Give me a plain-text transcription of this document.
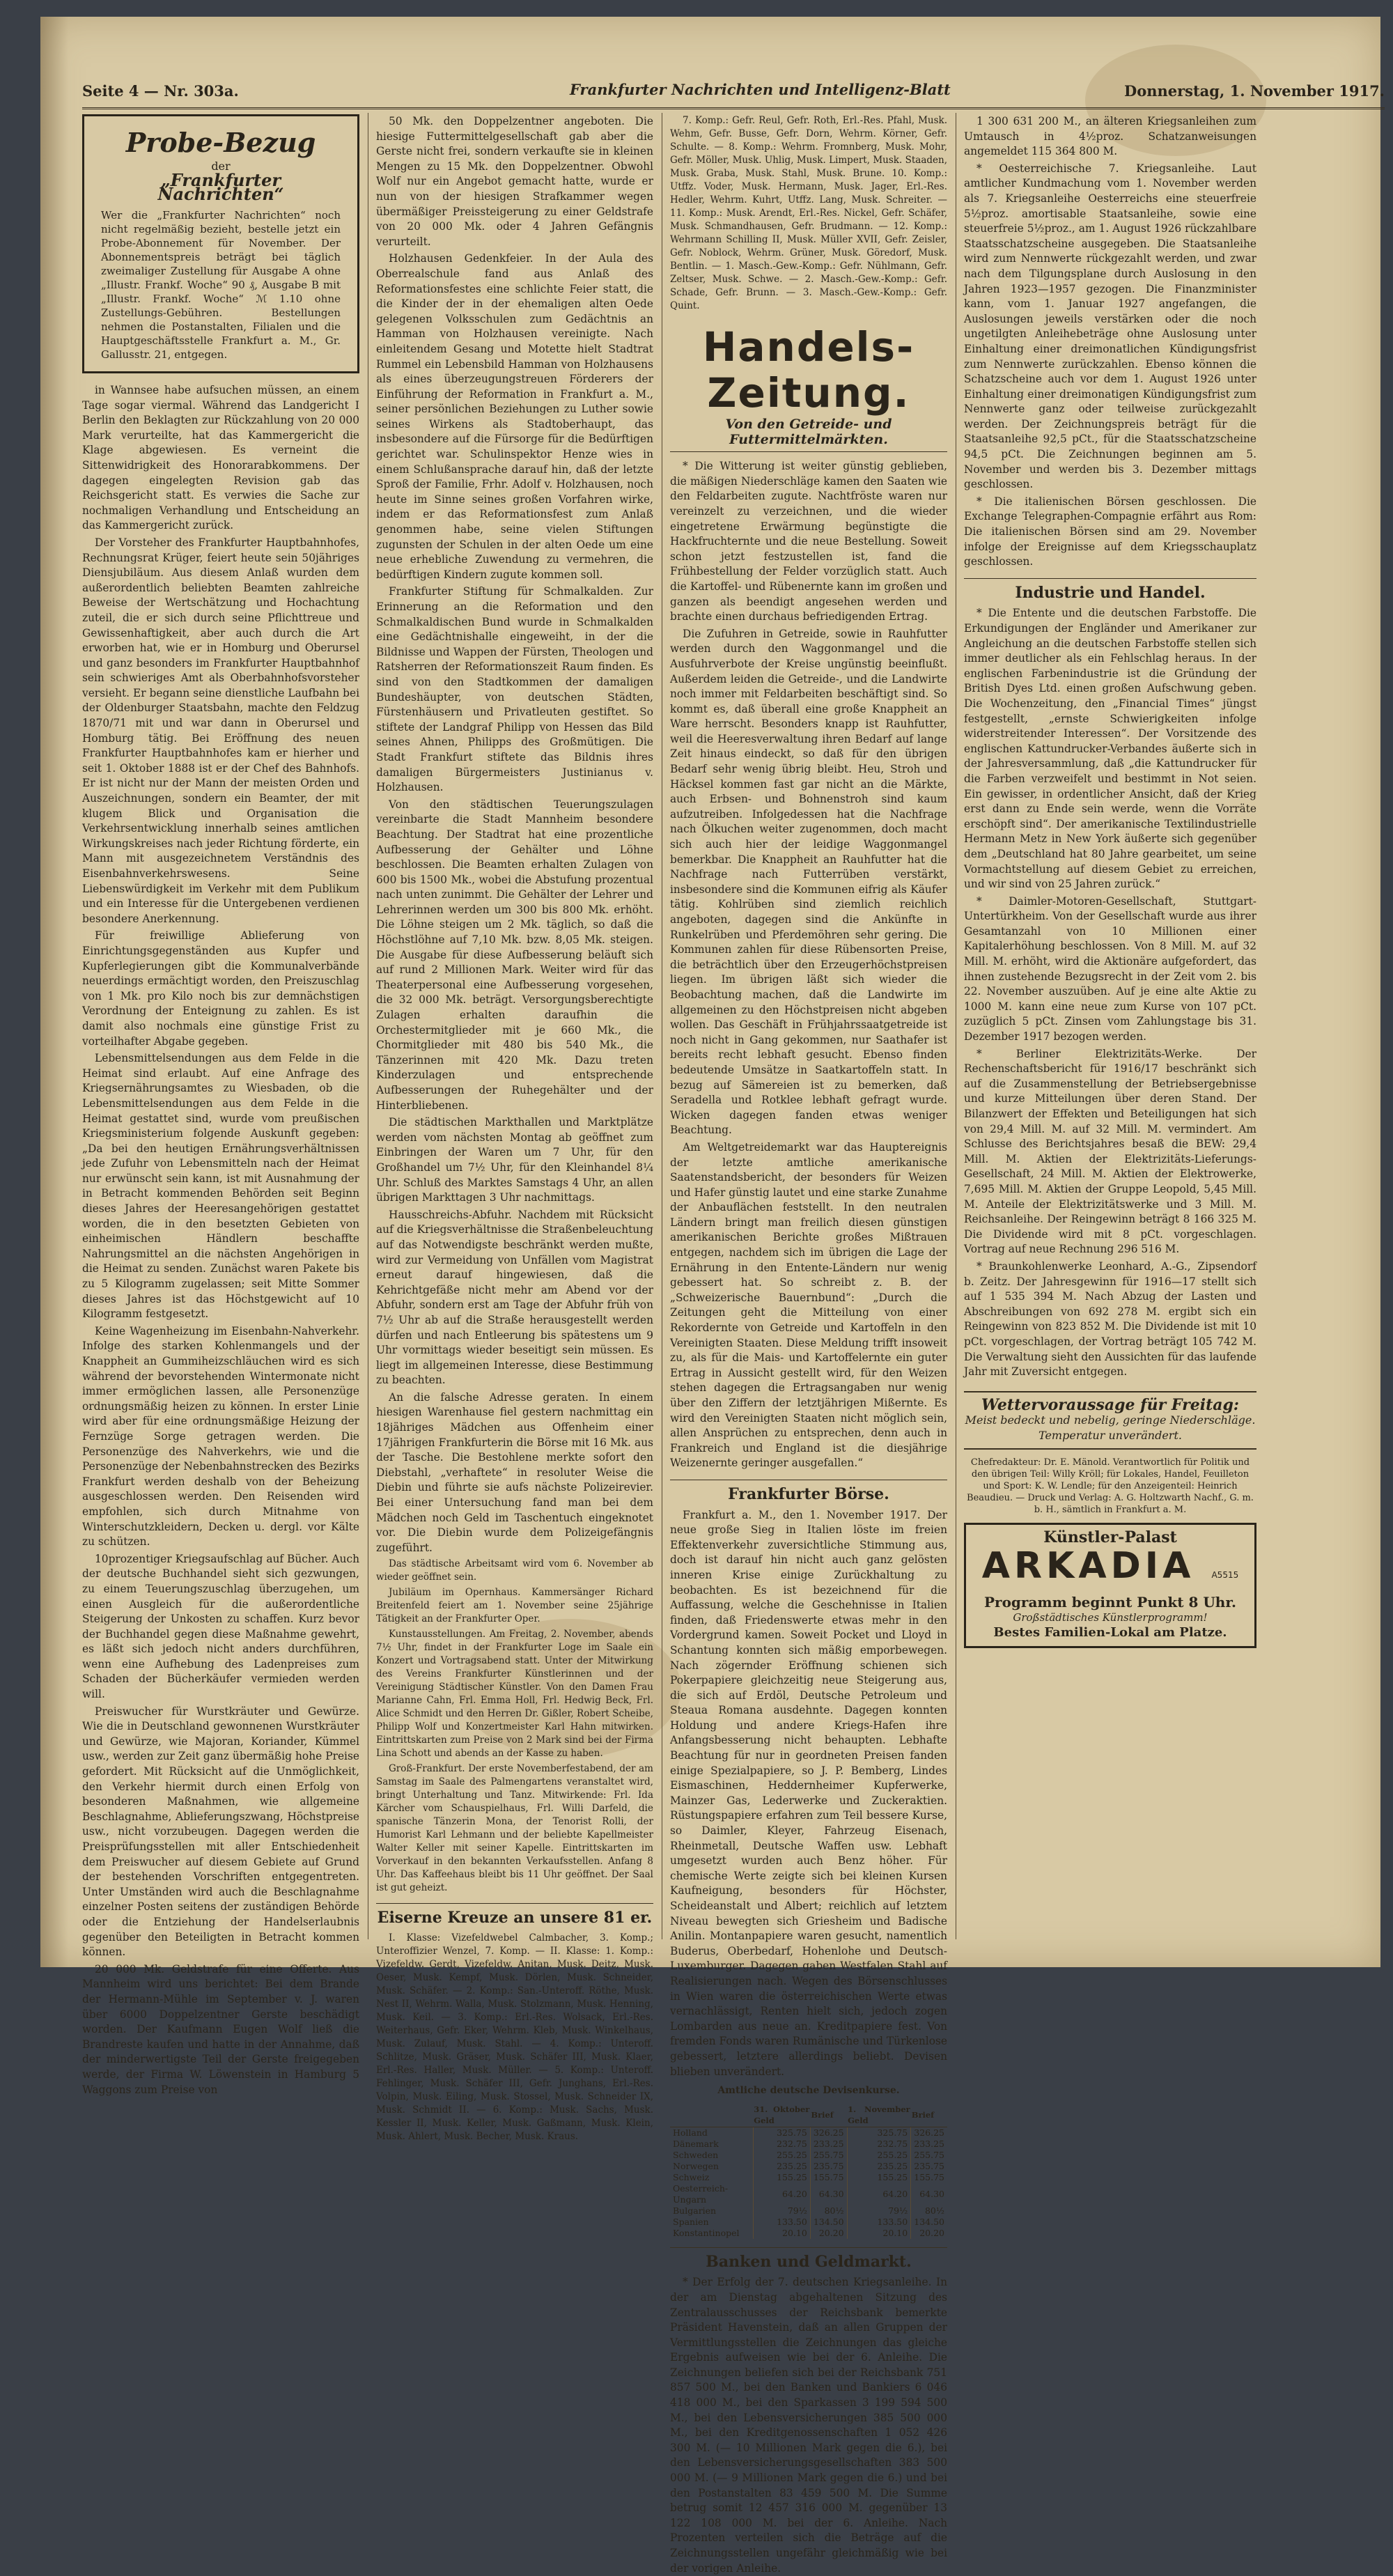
Seite 4 — Nr. 303a.	Frankfurter Nachrichten und Intelligenz-Blatt	Donnerstag, 1. November 1917.
Probe-Bezug
der
„Frankfurter Nachrichten“
Wer die „Frankfurter Nachrichten“ noch nicht regelmäßig bezieht, bestelle jetzt ein Probe-Abonnement für November. Der Abonnementspreis beträgt bei täglich zweimaliger Zustellung für Ausgabe A ohne „Illustr. Frankf. Woche“ 90 ₰, Ausgabe B mit „Illustr. Frankf. Woche“ ℳ 1.10 ohne Zustellungs-Gebühren. Bestellungen nehmen die Postanstalten, Filialen und die Hauptgeschäftsstelle Frankfurt a. M., Gr. Gallusstr. 21, entgegen.

in Wannsee habe aufsuchen müssen, an einem Tage sogar viermal. Während das Landgericht I Berlin den Beklagten zur Rückzahlung von 20 000 Mark verurteilte, hat das Kammergericht die Klage abgewiesen. Es verneint die Sittenwidrigkeit des Honorarabkommens. Der dagegen eingelegten Revision gab das Reichsgericht statt. Es verwies die Sache zur nochmaligen Verhandlung und Entscheidung an das Kammergericht zurück.

Der Vorsteher des Frankfurter Hauptbahnhofes, Rechnungsrat Krüger, feiert heute sein 50jähriges Diensjubiläum. Aus diesem Anlaß wurden dem außerordentlich beliebten Beamten zahlreiche Beweise der Wertschätzung und Hochachtung zuteil, die er sich durch seine Pflichttreue und Gewissenhaftigkeit, aber auch durch die Art erworben hat, wie er in Homburg und Oberursel und ganz besonders im Frankfurter Hauptbahnhof sein schwieriges Amt als Oberbahnhofsvorsteher versieht. Er begann seine dienstliche Laufbahn bei der Oldenburger Staatsbahn, machte den Feldzug 1870/71 mit und war dann in Oberursel und Homburg tätig. Bei Eröffnung des neuen Frankfurter Hauptbahnhofes kam er hierher und seit 1. Oktober 1888 ist er der Chef des Bahnhofs. Er ist nicht nur der Mann der meisten Orden und Auszeichnungen, sondern ein Beamter, der mit klugem Blick und Organisation die Verkehrsentwicklung innerhalb seines amtlichen Wirkungskreises nach jeder Richtung förderte, ein Mann mit ausgezeichnetem Verständnis des Eisenbahnverkehrswesens. Seine Liebenswürdigkeit im Verkehr mit dem Publikum und ein Interesse für die Untergebenen verdienen besondere Anerkennung.

Für freiwillige Ablieferung von Einrichtungsgegenständen aus Kupfer und Kupferlegierungen gibt die Kommunalverbände neuerdings ermächtigt worden, den Preiszuschlag von 1 Mk. pro Kilo noch bis zur demnächstigen Verordnung der Enteignung zu zahlen. Es ist damit also nochmals eine günstige Frist zu vorteilhafter Abgabe gegeben.

Lebensmittelsendungen aus dem Felde in die Heimat sind erlaubt. Auf eine Anfrage des Kriegsernährungsamtes zu Wiesbaden, ob die Lebensmittelsendungen aus dem Felde in die Heimat gestattet sind, wurde vom preußischen Kriegsministerium folgende Auskunft gegeben: „Da bei den heutigen Ernährungsverhältnissen jede Zufuhr von Lebensmitteln nach der Heimat nur erwünscht sein kann, ist mit Ausnahmung der in Betracht kommenden Behörden seit Beginn dieses Jahres der Heeresangehörigen gestattet worden, die in den besetzten Gebieten von einheimischen Händlern beschaffte Nahrungsmittel an die nächsten Angehörigen in die Heimat zu senden. Zunächst waren Pakete bis zu 5 Kilogramm zugelassen; seit Mitte Sommer dieses Jahres ist das Höchstgewicht auf 10 Kilogramm festgesetzt.

Keine Wagenheizung im Eisenbahn-Nahverkehr. Infolge des starken Kohlenmangels und der Knappheit an Gummiheizschläuchen wird es sich während der bevorstehenden Wintermonate nicht immer ermöglichen lassen, alle Personenzüge ordnungsmäßig heizen zu können. In erster Linie wird aber für eine ordnungsmäßige Heizung der Fernzüge Sorge getragen werden. Die Personenzüge des Nahverkehrs, wie und die Personenzüge der Nebenbahnstrecken des Bezirks Frankfurt werden deshalb von der Beheizung ausgeschlossen werden. Den Reisenden wird empfohlen, sich durch Mitnahme von Winterschutzkleidern, Decken u. dergl. vor Kälte zu schützen.

10prozentiger Kriegsaufschlag auf Bücher. Auch der deutsche Buchhandel sieht sich gezwungen, zu einem Teuerungszuschlag überzugehen, um einen Ausgleich für die außerordentliche Steigerung der Unkosten zu schaffen. Kurz bevor der Buchhandel gegen diese Maßnahme gewehrt, es läßt sich jedoch nicht anders durchführen, wenn eine Aufhebung des Ladenpreises zum Schaden der Bücherkäufer vermieden werden will.

Preiswucher für Wurstkräuter und Gewürze. Wie die in Deutschland gewonnenen Wurstkräuter und Gewürze, wie Majoran, Koriander, Kümmel usw., werden zur Zeit ganz übermäßig hohe Preise gefordert. Mit Rücksicht auf die Unmöglichkeit, den Verkehr hiermit durch einen Erfolg von besonderen Maßnahmen, wie allgemeine Beschlagnahme, Ablieferungszwang, Höchstpreise usw., nicht vorzubeugen. Dagegen werden die Preisprüfungsstellen mit aller Entschiedenheit dem Preiswucher auf diesem Gebiete auf Grund der bestehenden Vorschriften entgegentreten. Unter Umständen wird auch die Beschlagnahme einzelner Posten seitens der zuständigen Behörde oder die Entziehung der Handelserlaubnis gegenüber den Beteiligten in Betracht kommen können.

20 000 Mk. Geldstrafe für eine Offerte. Aus Mannheim wird uns berichtet: Bei dem Brande der Hermann-Mühle im September v. J. waren über 6000 Doppelzentner Gerste beschädigt worden. Der Kaufmann Eugen Wolf ließ die Brandreste kaufen und hatte in der Annahme, daß der minderwertigste Teil der Gerste freigegeben werde, der Firma W. Löwenstein in Hamburg 5 Waggons zum Preise von

50 Mk. den Doppelzentner angeboten. Die hiesige Futtermittelgesellschaft gab aber die Gerste nicht frei, sondern verkaufte sie in kleinen Mengen zu 15 Mk. den Doppelzentner. Obwohl Wolf nur ein Angebot gemacht hatte, wurde er nun von der hiesigen Strafkammer wegen übermäßiger Preissteigerung zu einer Geldstrafe von 20 000 Mk. oder 4 Jahren Gefängnis verurteilt.

Holzhausen Gedenkfeier. In der Aula des Oberrealschule fand aus Anlaß des Reformationsfestes eine schlichte Feier statt, die die Kinder der in der ehemaligen alten Oede gelegenen Volksschulen zum Gedächtnis an Hamman von Holzhausen vereinigte. Nach einleitendem Gesang und Motette hielt Stadtrat Rummel ein Lebensbild Hamman von Holzhausens als eines überzeugungstreuen Förderers der Einführung der Reformation in Frankfurt a. M., seiner persönlichen Beziehungen zu Luther sowie seines Wirkens als Stadtoberhaupt, das insbesondere auf die Fürsorge für die Bedürftigen gerichtet war. Schulinspektor Henze wies in einem Schlußansprache darauf hin, daß der letzte Sproß der Familie, Frhr. Adolf v. Holzhausen, noch heute im Sinne seines großen Vorfahren wirke, indem er das Reformationsfest zum Anlaß genommen habe, seine vielen Stiftungen zugunsten der Schulen in der alten Oede um eine neue erhebliche Zuwendung zu vermehren, die bedürftigen Kindern zugute kommen soll.

Frankfurter Stiftung für Schmalkalden. Zur Erinnerung an die Reformation und den Schmalkaldischen Bund wurde in Schmalkalden eine Gedächtnishalle eingeweiht, in der die Bildnisse und Wappen der Fürsten, Theologen und Ratsherren der Reformationszeit Raum finden. Es sind von den Stadtkommen der damaligen Bundeshäupter, von deutschen Städten, Fürstenhäusern und Privatleuten gestiftet. So stiftete der Landgraf Philipp von Hessen das Bild seines Ahnen, Philipps des Großmütigen. Die Stadt Frankfurt stiftete das Bildnis ihres damaligen Bürgermeisters Justinianus v. Holzhausen.

Von den städtischen Teuerungszulagen vereinbarte die Stadt Mannheim besondere Beachtung. Der Stadtrat hat eine prozentliche Aufbesserung der Gehälter und Löhne beschlossen. Die Beamten erhalten Zulagen von 600 bis 1500 Mk., wobei die Abstufung prozentual nach unten zunimmt. Die Gehälter der Lehrer und Lehrerinnen werden um 300 bis 800 Mk. erhöht. Die Löhne steigen um 2 Mk. täglich, so daß die Höchstlöhne auf 7,10 Mk. bzw. 8,05 Mk. steigen. Die Ausgabe für diese Aufbesserung beläuft sich auf rund 2 Millionen Mark. Weiter wird für das Theaterpersonal eine Aufbesserung vorgesehen, die 32 000 Mk. beträgt. Versorgungsberechtigte Zulagen erhalten daraufhin die Orchestermitglieder mit je 660 Mk., die Chormitglieder mit 480 bis 540 Mk., die Tänzerinnen mit 420 Mk. Dazu treten Kinderzulagen und entsprechende Aufbesserungen der Ruhegehälter und der Hinterbliebenen.

Die städtischen Markthallen und Marktplätze werden vom nächsten Montag ab geöffnet zum Einbringen der Waren um 7 Uhr, für den Großhandel um 7½ Uhr, für den Kleinhandel 8¼ Uhr. Schluß des Marktes Samstags 4 Uhr, an allen übrigen Markttagen 3 Uhr nachmittags.

Hausschreichs-Abfuhr. Nachdem mit Rücksicht auf die Kriegsverhältnisse die Straßenbeleuchtung auf das Notwendigste beschränkt werden mußte, wird zur Vermeidung von Unfällen vom Magistrat erneut darauf hingewiesen, daß die Kehrichtgefäße nicht mehr am Abend vor der Abfuhr, sondern erst am Tage der Abfuhr früh von 7½ Uhr ab auf die Straße herausgestellt werden dürfen und nach Entleerung bis spätestens um 9 Uhr vormittags wieder beseitigt sein müssen. Es liegt im allgemeinen Interesse, diese Bestimmung zu beachten.

An die falsche Adresse geraten. In einem hiesigen Warenhause fiel gestern nachmittag ein 18jähriges Mädchen aus Offenheim einer 17jährigen Frankfurterin die Börse mit 16 Mk. aus der Tasche. Die Bestohlene merkte sofort den Diebstahl, „verhaftete“ in resoluter Weise die Diebin und führte sie aufs nächste Polizeirevier. Bei einer Untersuchung fand man bei dem Mädchen noch Geld im Taschentuch eingeknotet vor. Die Diebin wurde dem Polizeigefängnis zugeführt.

Das städtische Arbeitsamt wird vom 6. November ab wieder geöffnet sein.

Jubiläum im Opernhaus. Kammersänger Richard Breitenfeld feiert am 1. November seine 25jährige Tätigkeit an der Frankfurter Oper.

Kunstausstellungen. Am Freitag, 2. November, abends 7½ Uhr, findet in der Frankfurter Loge im Saale ein Konzert und Vortragsabend statt. Unter der Mitwirkung des Vereins Frankfurter Künstlerinnen und der Vereinigung Städtischer Künstler. Von den Damen Frau Marianne Cahn, Frl. Emma Holl, Frl. Hedwig Beck, Frl. Alice Schmidt und den Herren Dr. Gißler, Robert Scheibe, Philipp Wolf und Konzertmeister Karl Hahn mitwirken. Eintrittskarten zum Preise von 2 Mark sind bei der Firma Lina Schott und abends an der Kasse zu haben.

Groß-Frankfurt. Der erste Novemberfestabend, der am Samstag im Saale des Palmengartens veranstaltet wird, bringt Unterhaltung und Tanz. Mitwirkende: Frl. Ida Kärcher vom Schauspielhaus, Frl. Willi Darfeld, die spanische Tänzerin Mona, der Tenorist Rolli, der Humorist Karl Lehmann und der beliebte Kapellmeister Walter Keller mit seiner Kapelle. Eintrittskarten im Vorverkauf in den bekannten Verkaufsstellen. Anfang 8 Uhr. Das Kaffeehaus bleibt bis 11 Uhr geöffnet. Der Saal ist gut geheizt.

Eiserne Kreuze an unsere 81 er.

I. Klasse: Vizefeldwebel Calmbacher, 3. Komp.; Unteroffizier Wenzel, 7. Komp. — II. Klasse: 1. Komp.: Vizefeldw. Gerdt, Vizefeldw. Anitan, Musk. Deitz, Musk. Oeser, Musk. Kempf, Musk. Dörlen, Musk. Schneider, Musk. Schäfer. — 2. Komp.: San.-Unteroff. Röthe, Musk. Nest II, Wehrm. Walla, Musk. Stolzmann, Musk. Henning, Musk. Keil. — 3. Komp.: Erl.-Res. Wolsack, Erl.-Res. Weiterhaus, Gefr. Eker, Wehrm. Kleb, Musk. Winkelhaus, Musk. Zulauf, Musk. Stahl. — 4. Komp.: Unteroff. Schlitze, Musk. Gräser, Musk. Schäfer III, Musk. Klaer, Erl.-Res. Haller, Musk. Müller. — 5. Komp.: Unteroff. Fehlinger, Musk. Schäfer III, Gefr. Junghans, Erl.-Res. Volpin, Musk. Eiling, Musk. Stossel, Musk. Schneider IX, Musk. Schmidt II. — 6. Komp.: Musk. Sachs, Musk. Kessler II, Musk. Keller, Musk. Gaßmann, Musk. Klein, Musk. Ahlert, Musk. Becher, Musk. Kraus.

7. Komp.: Gefr. Reul, Gefr. Roth, Erl.-Res. Pfahl, Musk. Wehm, Gefr. Busse, Gefr. Dorn, Wehrm. Körner, Gefr. Schulte. — 8. Komp.: Wehrm. Fromnberg, Musk. Mohr, Gefr. Möller, Musk. Uhlig, Musk. Limpert, Musk. Staaden, Musk. Graba, Musk. Stahl, Musk. Brune. 10. Komp.: Utffz. Voder, Musk. Hermann, Musk. Jager, Erl.-Res. Hedler, Wehrm. Kuhrt, Utffz. Lang, Musk. Schreiter. — 11. Komp.: Musk. Arendt, Erl.-Res. Nickel, Gefr. Schäfer, Musk. Schmandhausen, Gefr. Brudmann. — 12. Komp.: Wehrmann Schilling II, Musk. Müller XVII, Gefr. Zeisler, Gefr. Noblock, Wehrm. Grüner, Musk. Göredorf, Musk. Bentlin. — 1. Masch.-Gew.-Komp.: Gefr. Nühlmann, Gefr. Zeltser, Musk. Schwe. — 2. Masch.-Gew.-Komp.: Gefr. Schade, Gefr. Brunn. — 3. Masch.-Gew.-Komp.: Gefr. Quint.

Handels-Zeitung.
Von den Getreide- und Futtermittelmärkten.

* Die Witterung ist weiter günstig geblieben, die mäßigen Niederschläge kamen den Saaten wie den Feldarbeiten zugute. Nachtfröste waren nur vereinzelt zu verzeichnen, und die wieder eingetretene Erwärmung begünstigte die Hackfruchternte und die neue Bestellung. Soweit schon jetzt festzustellen ist, fand die Frühbestellung der Felder vorzüglich statt. Auch die Kartoffel- und Rübenernte kann im großen und ganzen als beendigt angesehen werden und brachte einen durchaus befriedigenden Ertrag.

Die Zufuhren in Getreide, sowie in Rauhfutter werden durch den Waggonmangel und die Ausfuhrverbote der Kreise ungünstig beeinflußt. Außerdem leiden die Getreide-, und die Landwirte noch immer mit Feldarbeiten beschäftigt sind. So kommt es, daß überall eine große Knappheit an Ware herrscht. Besonders knapp ist Rauhfutter, weil die Heeresverwaltung ihren Bedarf auf lange Zeit hinaus eindeckt, so daß für den übrigen Bedarf sehr wenig übrig bleibt. Heu, Stroh und Häcksel kommen fast gar nicht an die Märkte, auch Erbsen- und Bohnenstroh sind kaum aufzutreiben. Infolgedessen hat die Nachfrage nach Ölkuchen weiter zugenommen, doch macht sich auch hier der leidige Waggonmangel bemerkbar. Die Knappheit an Rauhfutter hat die Nachfrage nach Futterrüben verstärkt, insbesondere sind die Kommunen eifrig als Käufer tätig. Kohlrüben sind ziemlich reichlich angeboten, dagegen sind die Ankünfte in Runkelrüben und Pferdemöhren sehr gering. Die Kommunen zahlen für diese Rübensorten Preise, die beträchtlich über den Erzeugerhöchstpreisen liegen. Im übrigen läßt sich wieder die Beobachtung machen, daß die Landwirte im allgemeinen zu den Höchstpreisen nicht abgeben wollen. Das Geschäft in Frühjahrssaatgetreide ist noch nicht in Gang gekommen, nur Saathafer ist bereits recht lebhaft gesucht. Ebenso finden bedeutende Umsätze in Saatkartoffeln statt. In bezug auf Sämereien ist zu bemerken, daß Seradella und Rotklee lebhaft gefragt wurde. Wicken dagegen fanden etwas weniger Beachtung.

Am Weltgetreidemarkt war das Hauptereignis der letzte amtliche amerikanische Saatenstandsbericht, der besonders für Weizen und Hafer günstig lautet und eine starke Zunahme der Anbauflächen feststellt. In den neutralen Ländern bringt man freilich diesen günstigen amerikanischen Berichte großes Mißtrauen entgegen, nachdem sich im übrigen die Lage der Ernährung in den Entente-Ländern nur wenig gebessert hat. So schreibt z. B. der „Schweizerische Bauernbund“: „Durch die Zeitungen geht die Mitteilung von einer Rekordernte von Getreide und Kartoffeln in den Vereinigten Staaten. Diese Meldung trifft insoweit zu, als für die Mais- und Kartoffelernte ein guter Ertrag in Aussicht gestellt wird, für den Weizen stehen dagegen die Ertragsangaben nur wenig über den Ziffern der letztjährigen Mißernte. Es wird den Vereinigten Staaten nicht möglich sein, allen Ansprüchen zu entsprechen, denn auch in Frankreich und England ist die diesjährige Weizenernte geringer ausgefallen.“

Frankfurter Börse.

Frankfurt a. M., den 1. November 1917. Der neue große Sieg in Italien löste im freien Effektenverkehr zuversichtliche Stimmung aus, doch ist darauf hin nicht auch ganz gelösten inneren Krise einige Zurückhaltung zu beobachten. Es ist bezeichnend für die Auffassung, welche die Geschehnisse in Italien finden, daß Friedenswerte etwas mehr in den Vordergrund kamen. Soweit Pocket und Lloyd in Schantung konnten sich mäßig emporbewegen. Nach zögernder Eröffnung schienen sich Pokerpapiere gleichzeitig neue Steigerung aus, die sich auf Erdöl, Deutsche Petroleum und Steaua Romana ausdehnte. Dagegen konnten Holdung und andere Kriegs-Hafen ihre Anfangsbesserung nicht behaupten. Lebhafte Beachtung für nur in geordneten Preisen fanden einige Spezialpapiere, so J. P. Bemberg, Lindes Eismaschinen, Heddernheimer Kupferwerke, Mainzer Gas, Lederwerke und Zuckeraktien. Rüstungspapiere erfahren zum Teil bessere Kurse, so Daimler, Kleyer, Fahrzeug Eisenach, Rheinmetall, Deutsche Waffen usw. Lebhaft umgesetzt wurden auch Benz höher. Für chemische Werte zeigte sich bei kleinen Kursen Kaufneigung, besonders für Höchster, Scheideanstalt und Albert; reichlich auf letztem Niveau bewegten sich Griesheim und Badische Anilin. Montanpapiere waren gesucht, namentlich Buderus, Oberbedarf, Hohenlohe und Deutsch-Luxemburger. Dagegen gaben Westfalen Stahl auf Realisierungen nach. Wegen des Börsenschlusses in Wien waren die österreichischen Werte etwas vernachlässigt, Renten hielt sich, jedoch zogen Lombarden aus neue an. Kreditpapiere fest. Von fremden Fonds waren Rumänische und Türkenlose gebessert, letztere allerdings beliebt. Devisen blieben unverändert.

Amtliche deutsche Devisenkurse.
	31. Oktober Geld	Brief	1. November Geld	Brief
Holland	325.75	326.25	325.75	326.25
Dänemark	232.75	233.25	232.75	233.25
Schweden	255.25	255.75	255.25	255.75
Norwegen	235.25	235.75	235.25	235.75
Schweiz	155.25	155.75	155.25	155.75
Oesterreich-Ungarn	64.20	64.30	64.20	64.30
Bulgarien	79½	80½	79½	80½
Spanien	133.50	134.50	133.50	134.50
Konstantinopel	20.10	20.20	20.10	20.20
Banken und Geldmarkt.

* Der Erfolg der 7. deutschen Kriegsanleihe. In der am Dienstag abgehaltenen Sitzung des Zentralausschusses der Reichsbank bemerkte Präsident Havenstein, daß an allen Gruppen der Vermittlungsstellen die Zeichnungen das gleiche Ergebnis aufweisen wie bei der 6. Anleihe. Die Zeichnungen beliefen sich bei der Reichsbank 751 857 500 M., bei den Banken und Bankiers 6 046 418 000 M., bei den Sparkassen 3 199 594 500 M., bei den Lebensversicherungen 385 500 000 M., bei den Kreditgenossenschaften 1 052 426 300 M. (— 10 Millionen Mark gegen die 6.), bei den Lebensversicherungsgesellschaften 383 500 000 M. (— 9 Millionen Mark gegen die 6.) und bei den Postanstalten 83 459 500 M. Die Summe betrug somit 12 457 316 000 M. gegenüber 13 122 108 000 M. bei der 6. Anleihe. Nach Prozenten verteilen sich die Beträge auf die Zeichnungsstellen ungefähr gleichmäßig wie bei der vorigen Anleihe.

1 300 631 200 M., an älteren Kriegsanleihen zum Umtausch in 4½proz. Schatzanweisungen angemeldet 115 364 800 M.

* Oesterreichische 7. Kriegsanleihe. Laut amtlicher Kundmachung vom 1. November werden als 7. Kriegsanleihe Oesterreichs eine steuerfreie 5½proz. amortisable Staatsanleihe, sowie eine steuerfreie 5½proz., am 1. August 1926 rückzahlbare Staatsschatzscheine ausgegeben. Die Staatsanleihe wird zum Nennwerte rückgezahlt werden, und zwar nach dem Tilgungsplane durch Auslosung in den Jahren 1923—1957 gezogen. Die Finanzminister kann, vom 1. Januar 1927 angefangen, die Auslosungen jeweils verstärken oder die noch ungetilgten Anleihebeträge ohne Auslosung unter Einhaltung einer dreimonatlichen Kündigungsfrist zum Nennwerte zurückzahlen. Ebenso können die Schatzscheine auch vor dem 1. August 1926 unter Einhaltung einer dreimonatigen Kündigungsfrist zum Nennwerte ganz oder teilweise zurückgezahlt werden. Der Zeichnungspreis beträgt für die Staatsanleihe 92,5 pCt., für die Staatsschatzscheine 94,5 pCt. Die Zeichnungen beginnen am 5. November und werden bis 3. Dezember mittags geschlossen.

* Die italienischen Börsen geschlossen. Die Exchange Telegraphen-Compagnie erfährt aus Rom: Die italienischen Börsen sind am 29. November infolge der Ereignisse auf dem Kriegsschauplatz geschlossen.

Industrie und Handel.

* Die Entente und die deutschen Farbstoffe. Die Erkundigungen der Engländer und Amerikaner zur Angleichung an die deutschen Farbstoffe stellen sich immer deutlicher als ein Fehlschlag heraus. In der englischen Farbenindustrie ist die Gründung der British Dyes Ltd. einen großen Aufschwung geben. Die Wochenzeitung, den „Financial Times“ jüngst festgestellt, „ernste Schwierigkeiten infolge widerstreitender Interessen“. Der Vorsitzende des englischen Kattundrucker-Verbandes äußerte sich in der Jahresversammlung, daß „die Kattundrucker für die Farben verzweifelt und bestimmt in Not seien. Ein gewisser, in ordentlicher Ansicht, daß der Krieg erst dann zu Ende sein werde, wenn die Vorräte erschöpft sind“. Der amerikanische Textilindustrielle Hermann Metz in New York äußerte sich gegenüber dem „Deutschland hat 80 Jahre gearbeitet, um seine Vormachtstellung auf diesem Gebiet zu erreichen, und wir sind von 25 Jahren zurück.“

* Daimler-Motoren-Gesellschaft, Stuttgart-Untertürkheim. Von der Gesellschaft wurde aus ihrer Gesamtanzahl von 10 Millionen einer Kapitalerhöhung beschlossen. Von 8 Mill. M. auf 32 Mill. M. erhöht, wird die Aktionäre aufgefordert, das ihnen zustehende Bezugsrecht in der Zeit vom 2. bis 22. November auszuüben. Auf je eine alte Aktie zu 1000 M. kann eine neue zum Kurse von 107 pCt. zuzüglich 5 pCt. Zinsen vom Zahlungstage bis 31. Dezember 1917 bezogen werden.

* Berliner Elektrizitäts-Werke. Der Rechenschaftsbericht für 1916/17 beschränkt sich auf die Zusammenstellung der Betriebsergebnisse und kurze Mitteilungen über deren Stand. Der Bilanzwert der Effekten und Beteiligungen hat sich von 29,4 Mill. M. auf 32 Mill. M. vermindert. Am Schlusse des Berichtsjahres besaß die BEW: 29,4 Mill. M. Aktien der Elektrizitäts-Lieferungs-Gesellschaft, 24 Mill. M. Aktien der Elektrowerke, 7,695 Mill. M. Aktien der Gruppe Leopold, 5,45 Mill. M. Anteile der Elektrizitätswerke und 3 Mill. M. Reichsanleihe. Der Reingewinn beträgt 8 166 325 M. Die Dividende wird mit 8 pCt. vorgeschlagen. Vortrag auf neue Rechnung 296 516 M.

* Braunkohlenwerke Leonhard, A.-G., Zipsendorf b. Zeitz. Der Jahresgewinn für 1916—17 stellt sich auf 1 535 394 M. Nach Abzug der Lasten und Abschreibungen von 692 278 M. ergibt sich ein Reingewinn von 823 852 M. Die Dividende ist mit 10 pCt. vorgeschlagen, der Vortrag beträgt 105 742 M. Die Verwaltung sieht den Aussichten für das laufende Jahr mit Zuversicht entgegen.

Wettervoraussage für Freitag:
Meist bedeckt und nebelig, geringe Niederschläge.
Temperatur unverändert.
Chefredakteur: Dr. E. Mänold. Verantwortlich für Politik und den übrigen Teil: Willy Kröll; für Lokales, Handel, Feuilleton und Sport: K. W. Lendle; für den Anzeigenteil: Heinrich Beaudieu. — Druck und Verlag: A. G. Holtzwarth Nachf., G. m. b. H., sämtlich in Frankfurt a. M.
Künstler-Palast
ARKADIA A5515
Programm beginnt Punkt 8 Uhr.
Großstädtisches Künstlerprogramm!
Bestes Familien-Lokal am Platze.
